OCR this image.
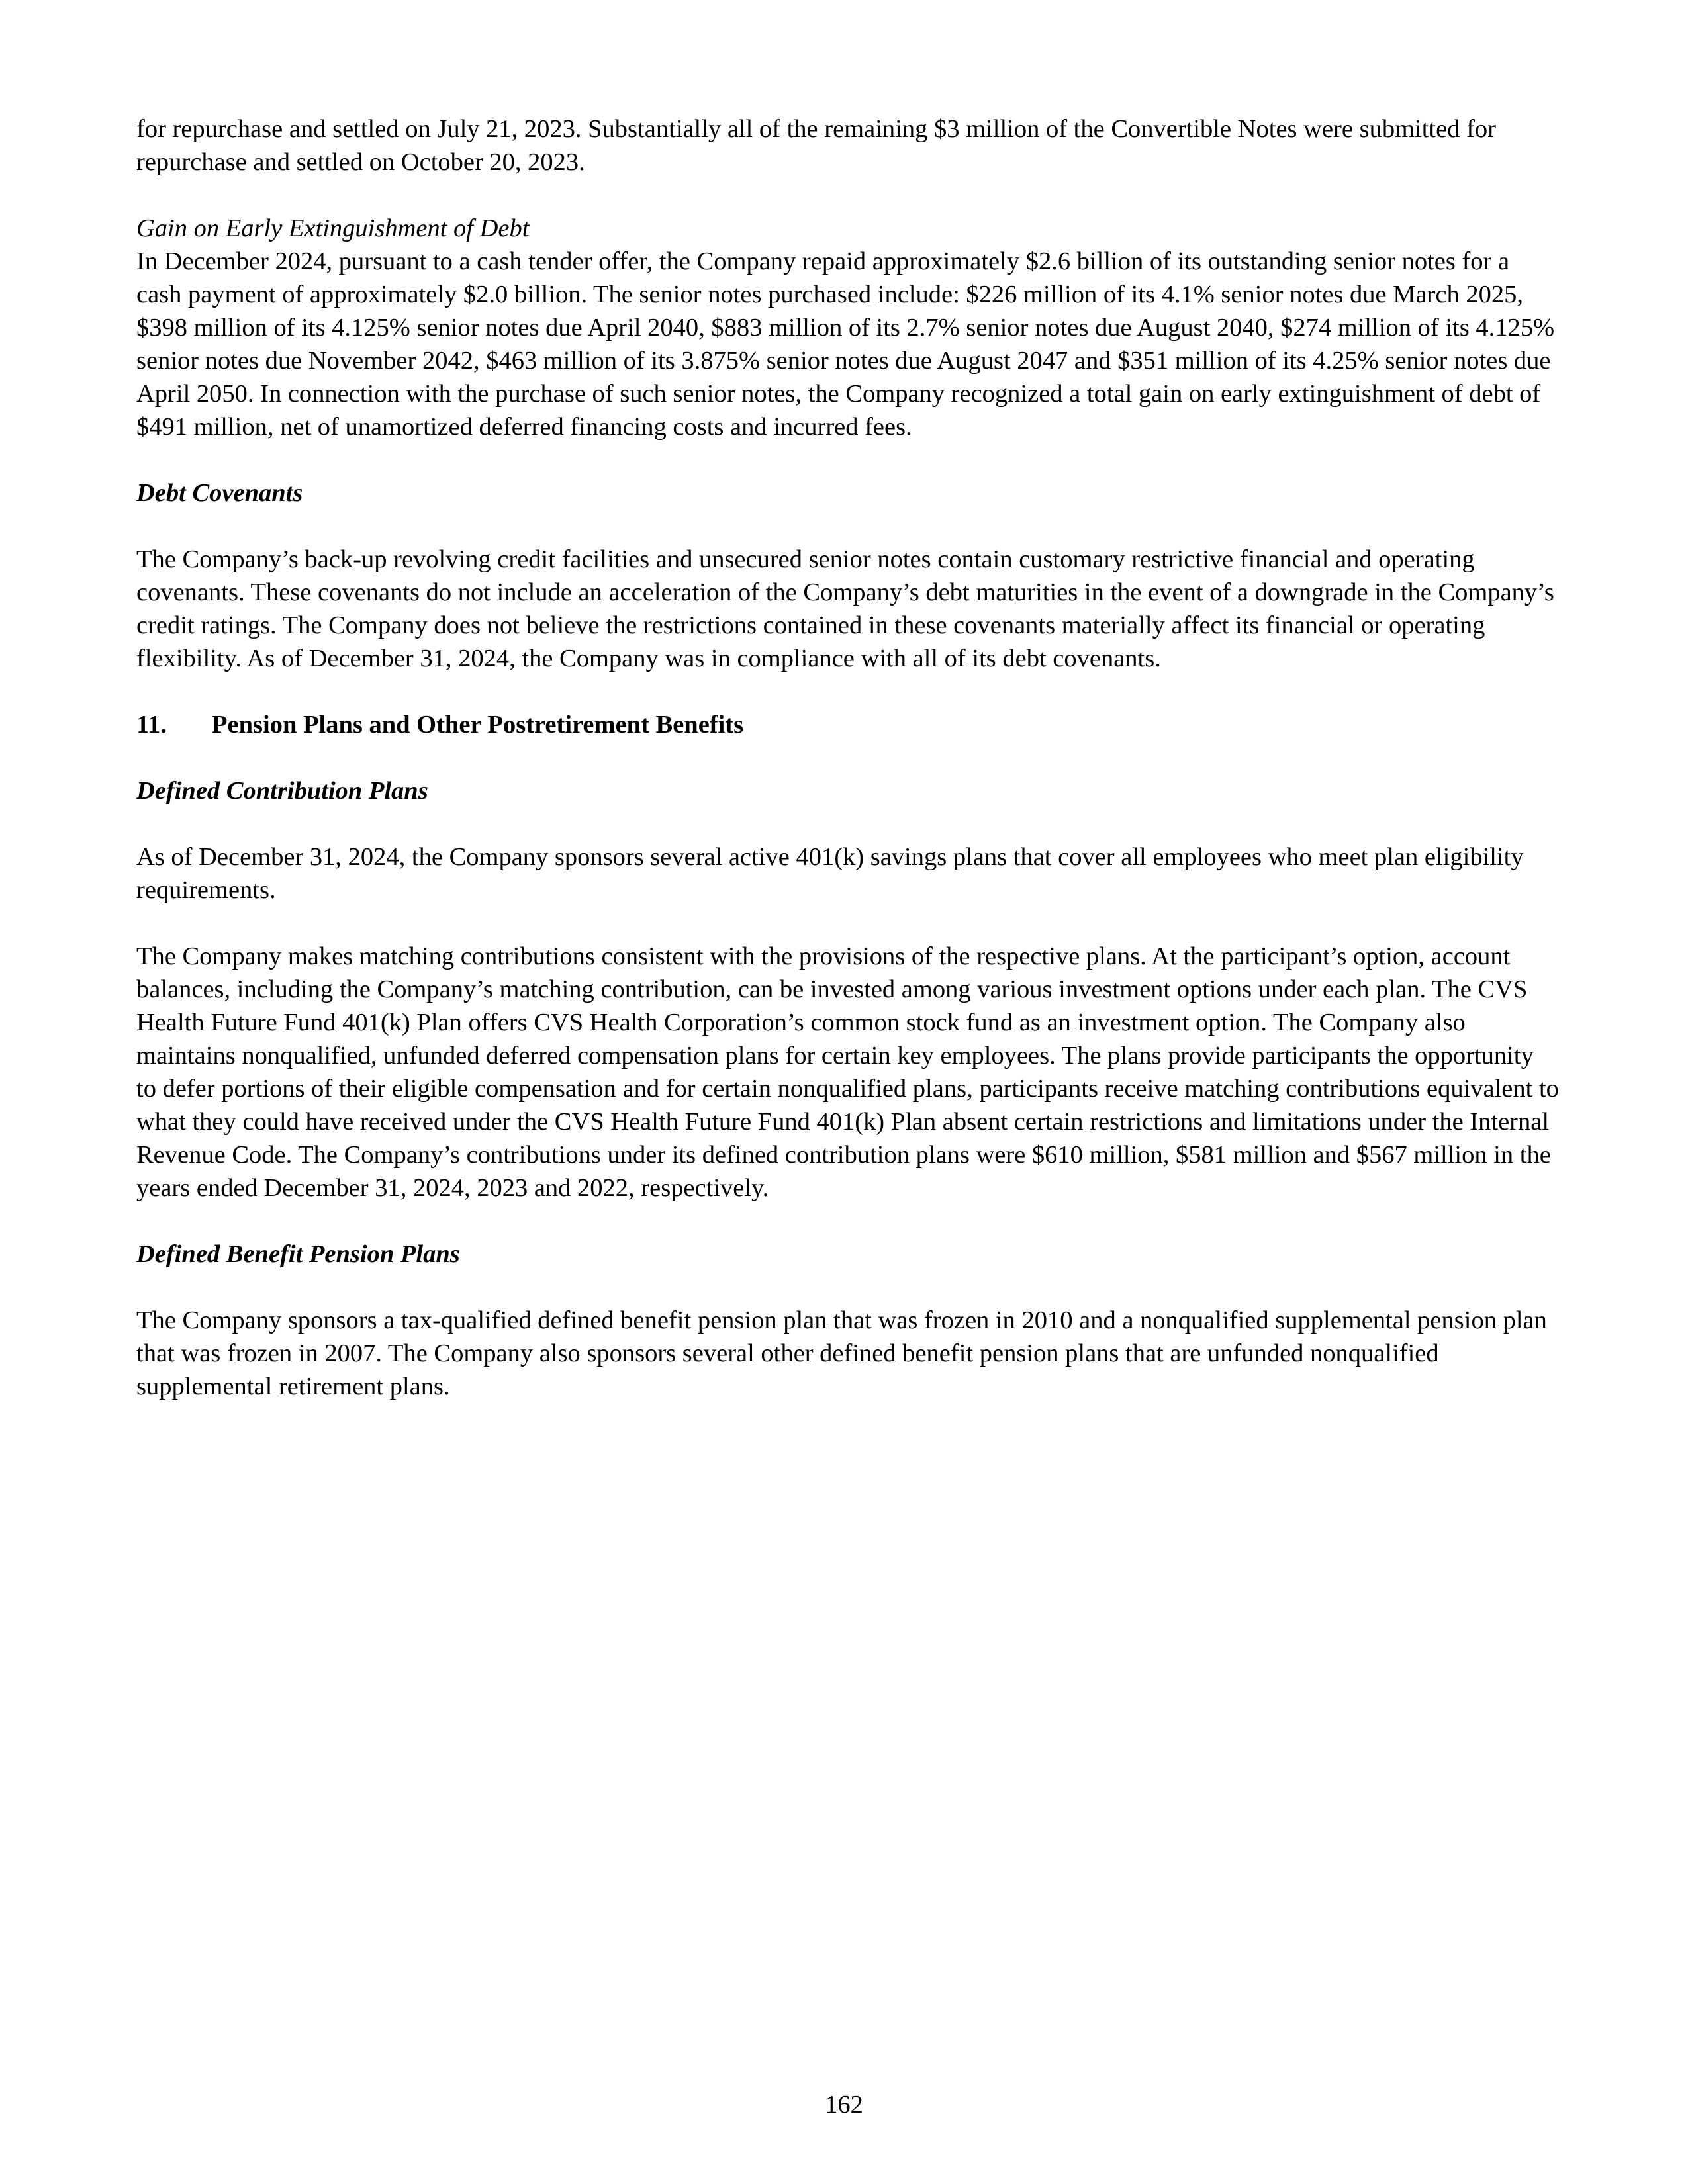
for repurchase and settled on July 21, 2023. Substantially all of the remaining $3 million of the Convertible Notes were submitted for repurchase and settled on October 20, 2023.

Gain on Early Extinguishment of Debt

In December 2024, pursuant to a cash tender offer, the Company repaid approximately $2.6 billion of its outstanding senior notes for a cash payment of approximately $2.0 billion. The senior notes purchased include: $226 million of its 4.1% senior notes due March 2025, $398 million of its 4.125% senior notes due April 2040, $883 million of its 2.7% senior notes due August 2040, $274 million of its 4.125% senior notes due November 2042, $463 million of its 3.875% senior notes due August 2047 and $351 million of its 4.25% senior notes due April 2050. In connection with the purchase of such senior notes, the Company recognized a total gain on early extinguishment of debt of $491 million, net of unamortized deferred financing costs and incurred fees.

Debt Covenants

The Company’s back-up revolving credit facilities and unsecured senior notes contain customary restrictive financial and operating covenants. These covenants do not include an acceleration of the Company’s debt maturities in the event of a downgrade in the Company’s credit ratings. The Company does not believe the restrictions contained in these covenants materially affect its financial or operating flexibility. As of December 31, 2024, the Company was in compliance with all of its debt covenants.

11. Pension Plans and Other Postretirement Benefits

Defined Contribution Plans

As of December 31, 2024, the Company sponsors several active 401(k) savings plans that cover all employees who meet plan eligibility requirements.

The Company makes matching contributions consistent with the provisions of the respective plans. At the participant’s option, account balances, including the Company’s matching contribution, can be invested among various investment options under each plan. The CVS Health Future Fund 401(k) Plan offers CVS Health Corporation’s common stock fund as an investment option. The Company also maintains nonqualified, unfunded deferred compensation plans for certain key employees. The plans provide participants the opportunity to defer portions of their eligible compensation and for certain nonqualified plans, participants receive matching contributions equivalent to what they could have received under the CVS Health Future Fund 401(k) Plan absent certain restrictions and limitations under the Internal Revenue Code. The Company’s contributions under its defined contribution plans were $610 million, $581 million and $567 million in the years ended December 31, 2024, 2023 and 2022, respectively.

Defined Benefit Pension Plans

The Company sponsors a tax-qualified defined benefit pension plan that was frozen in 2010 and a nonqualified supplemental pension plan that was frozen in 2007. The Company also sponsors several other defined benefit pension plans that are unfunded nonqualified supplemental retirement plans.

162
